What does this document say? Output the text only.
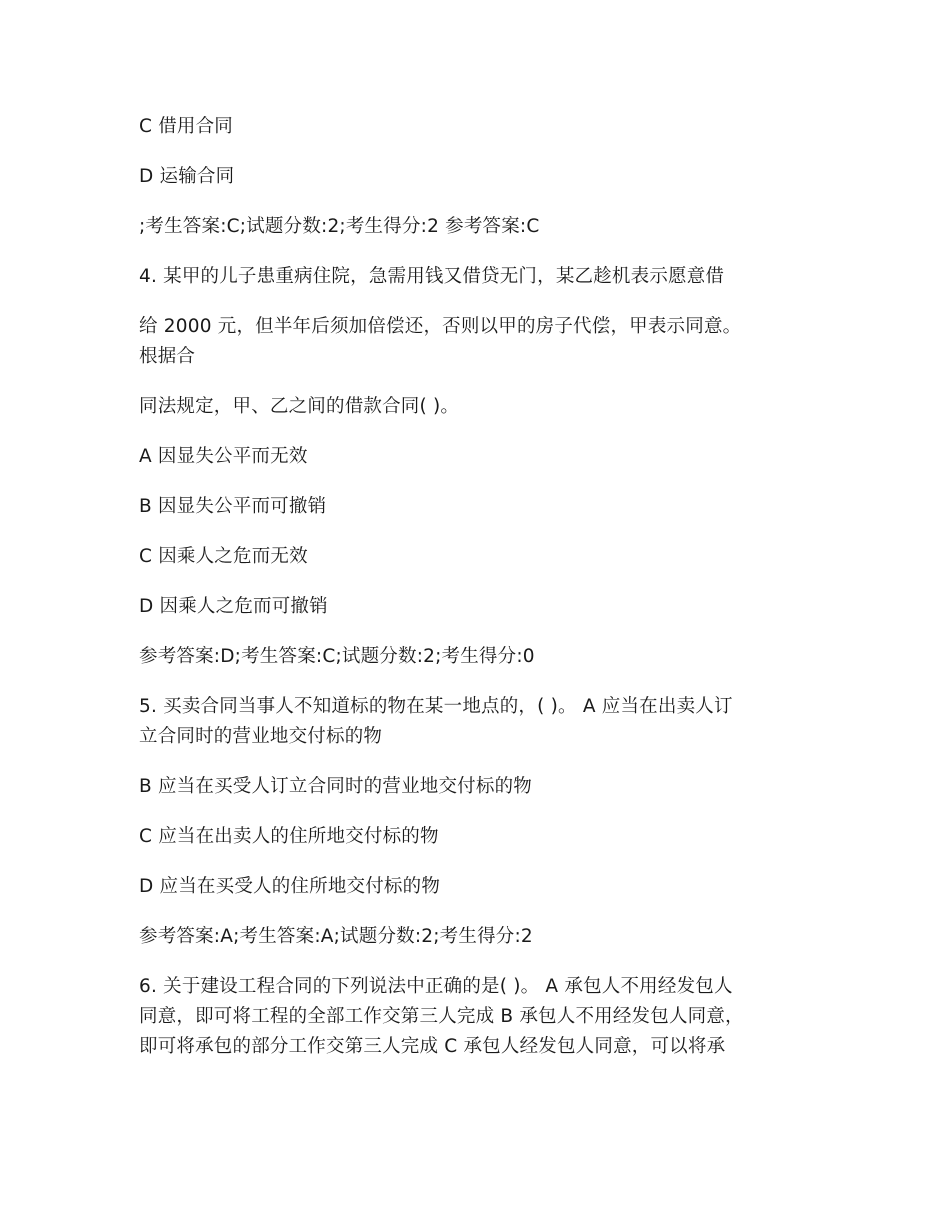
C 借用合同

D 运输合同

;考生答案:C;试题分数:2;考生得分:2 参考答案:C

4. 某甲的儿子患重病住院，急需用钱又借贷无门，某乙趁机表示愿意借

给 2000 元，但半年后须加倍偿还，否则以甲的房子代偿，甲表示同意。
根据合

同法规定，甲、乙之间的借款合同( )。

A 因显失公平而无效

B 因显失公平而可撤销

C 因乘人之危而无效

D 因乘人之危而可撤销

参考答案:D;考生答案:C;试题分数:2;考生得分:0

5. 买卖合同当事人不知道标的物在某一地点的，( )。 A 应当在出卖人订
立合同时的营业地交付标的物

B 应当在买受人订立合同时的营业地交付标的物

C 应当在出卖人的住所地交付标的物

D 应当在买受人的住所地交付标的物

参考答案:A;考生答案:A;试题分数:2;考生得分:2

6. 关于建设工程合同的下列说法中正确的是( )。 A 承包人不用经发包人
同意，即可将工程的全部工作交第三人完成 B 承包人不用经发包人同意，
即可将承包的部分工作交第三人完成 C 承包人经发包人同意，可以将承
